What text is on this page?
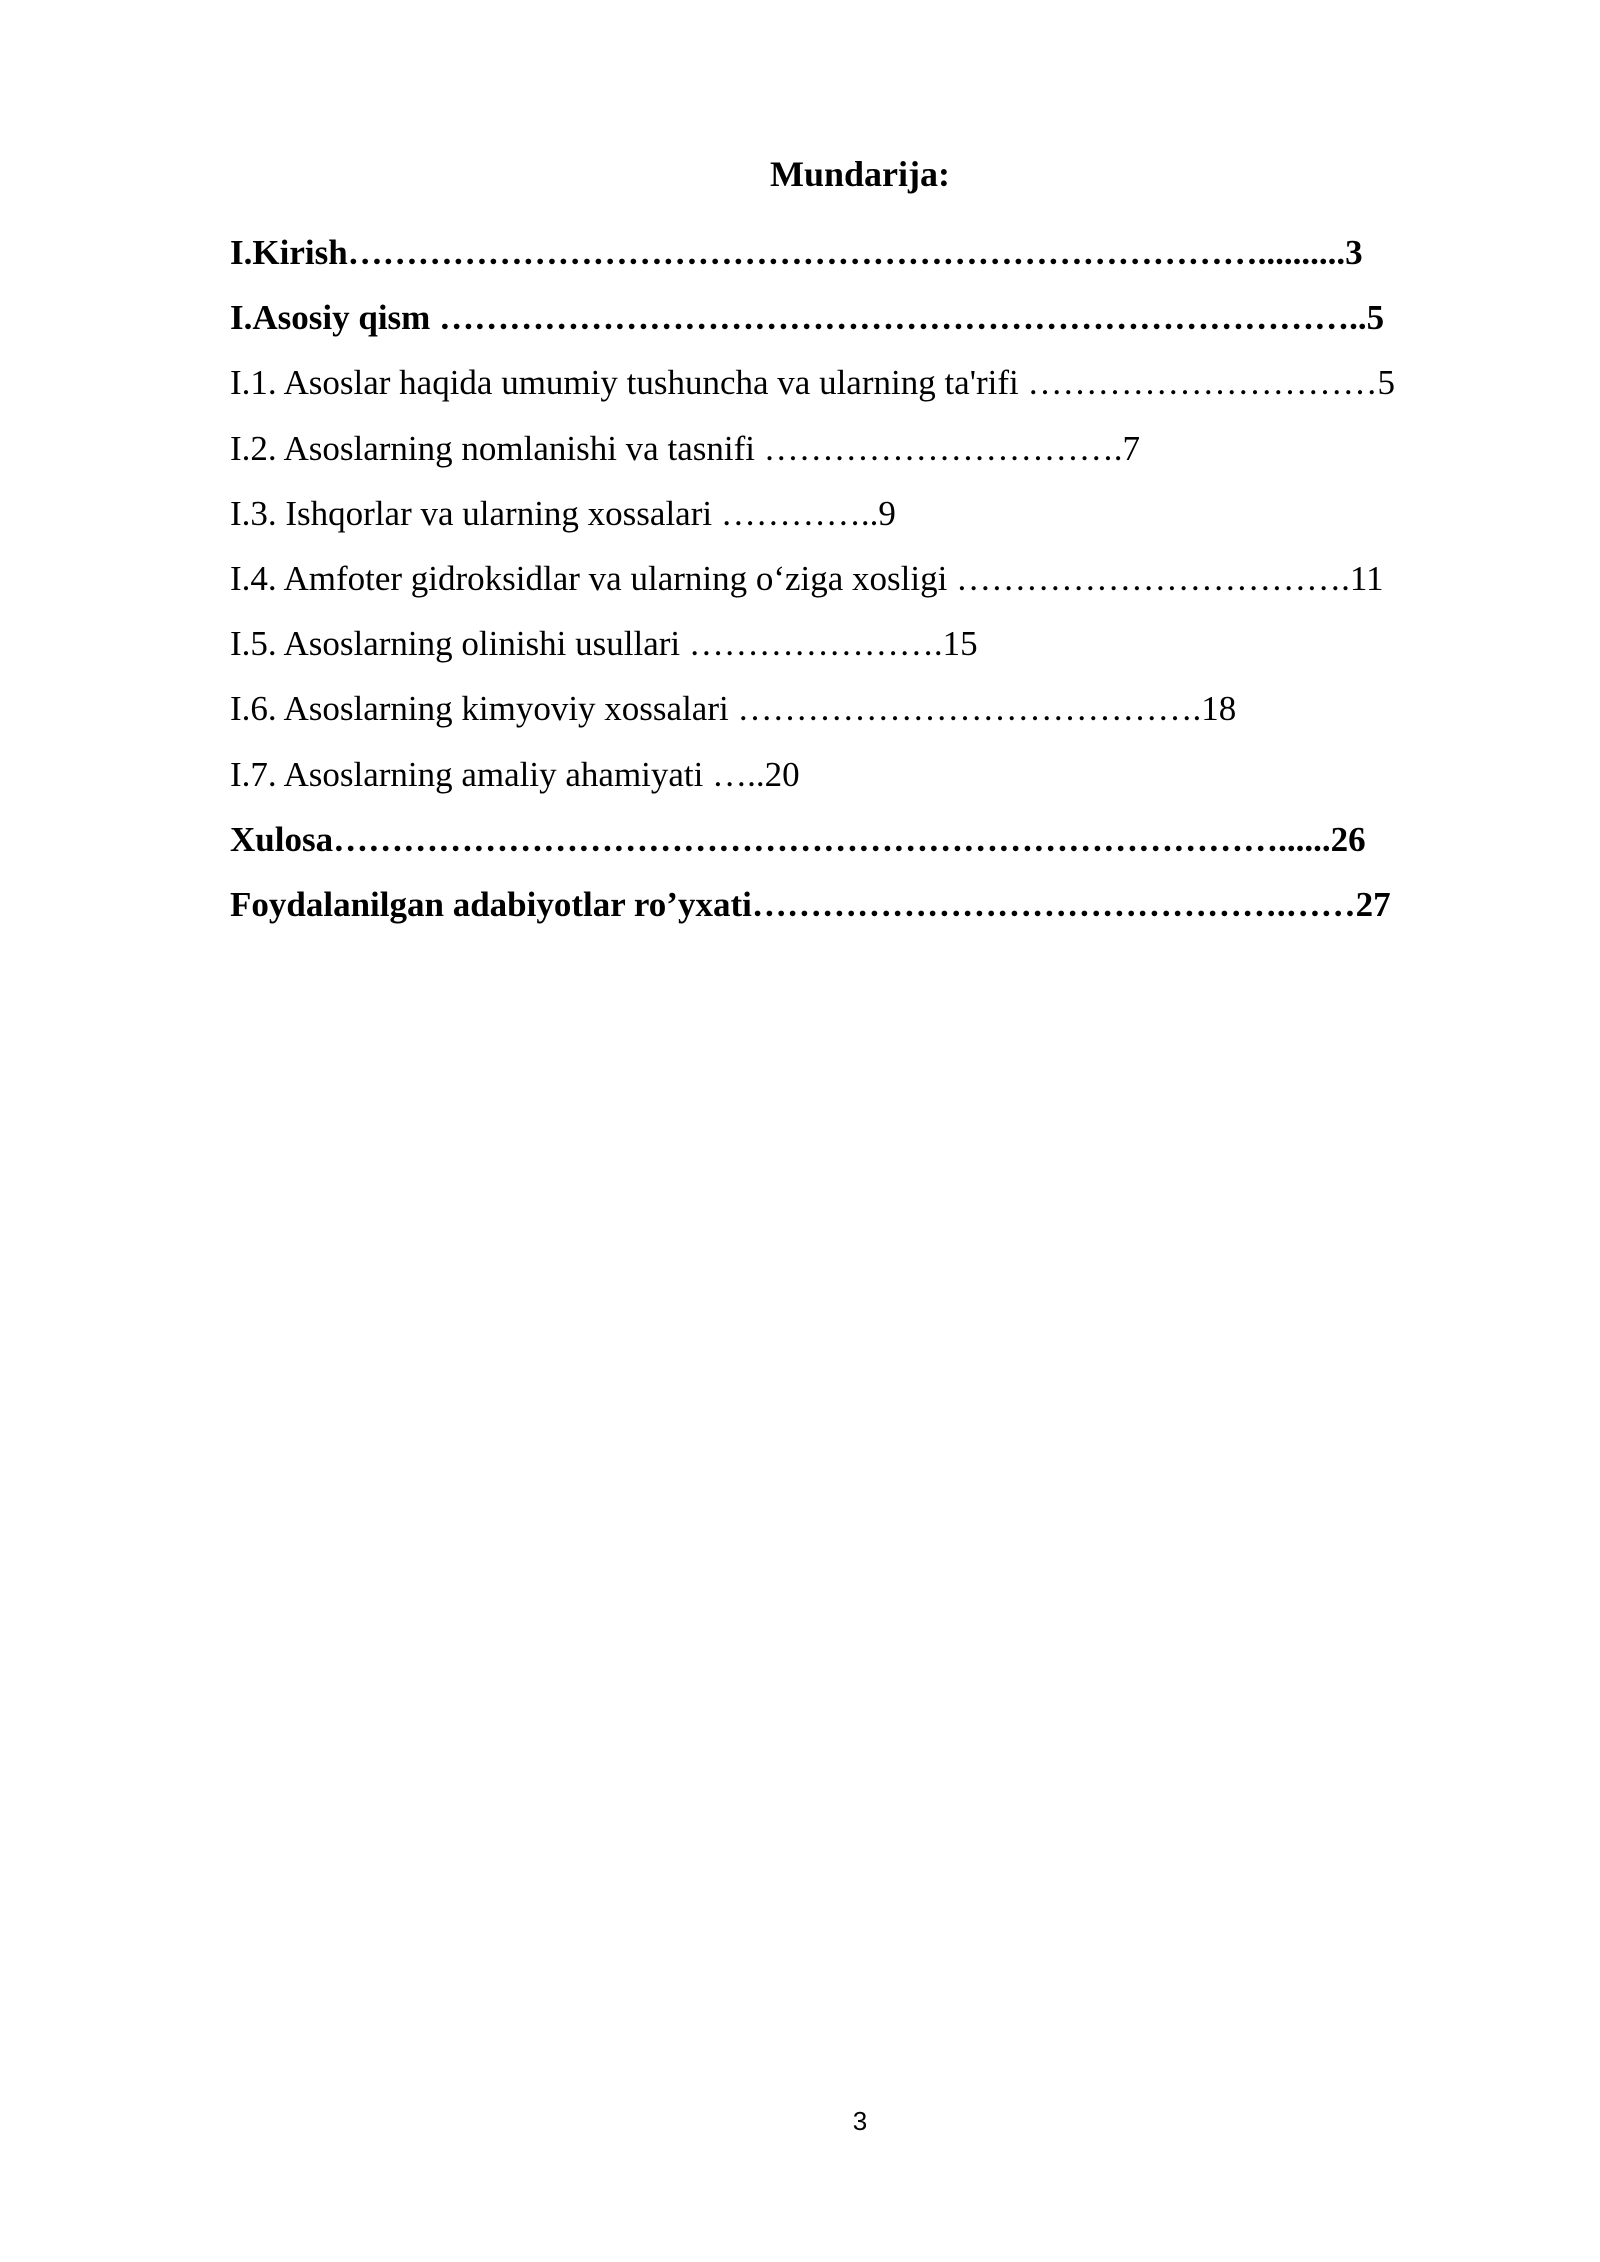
Mundarija:
I.Kirish……………………………………………………………………..........3
I.Asosiy qism ……………………………………………………………………..5
I.1. Asoslar haqida umumiy tushuncha va ularning ta'rifi …………………………5
I.2. Asoslarning nomlanishi va tasnifi ………………………….7
I.3. Ishqorlar va ularning xossalari …………..9
I.4. Amfoter gidroksidlar va ularning o‘ziga xosligi …………………………….11
I.5. Asoslarning olinishi usullari ………………….15
I.6. Asoslarning kimyoviy xossalari ………………………………….18
I.7. Asoslarning amaliy ahamiyati …..20
Xulosa………………………………………………………………………......26
Foydalanilgan adabiyotlar ro’yxati……………………………………….……27
3
